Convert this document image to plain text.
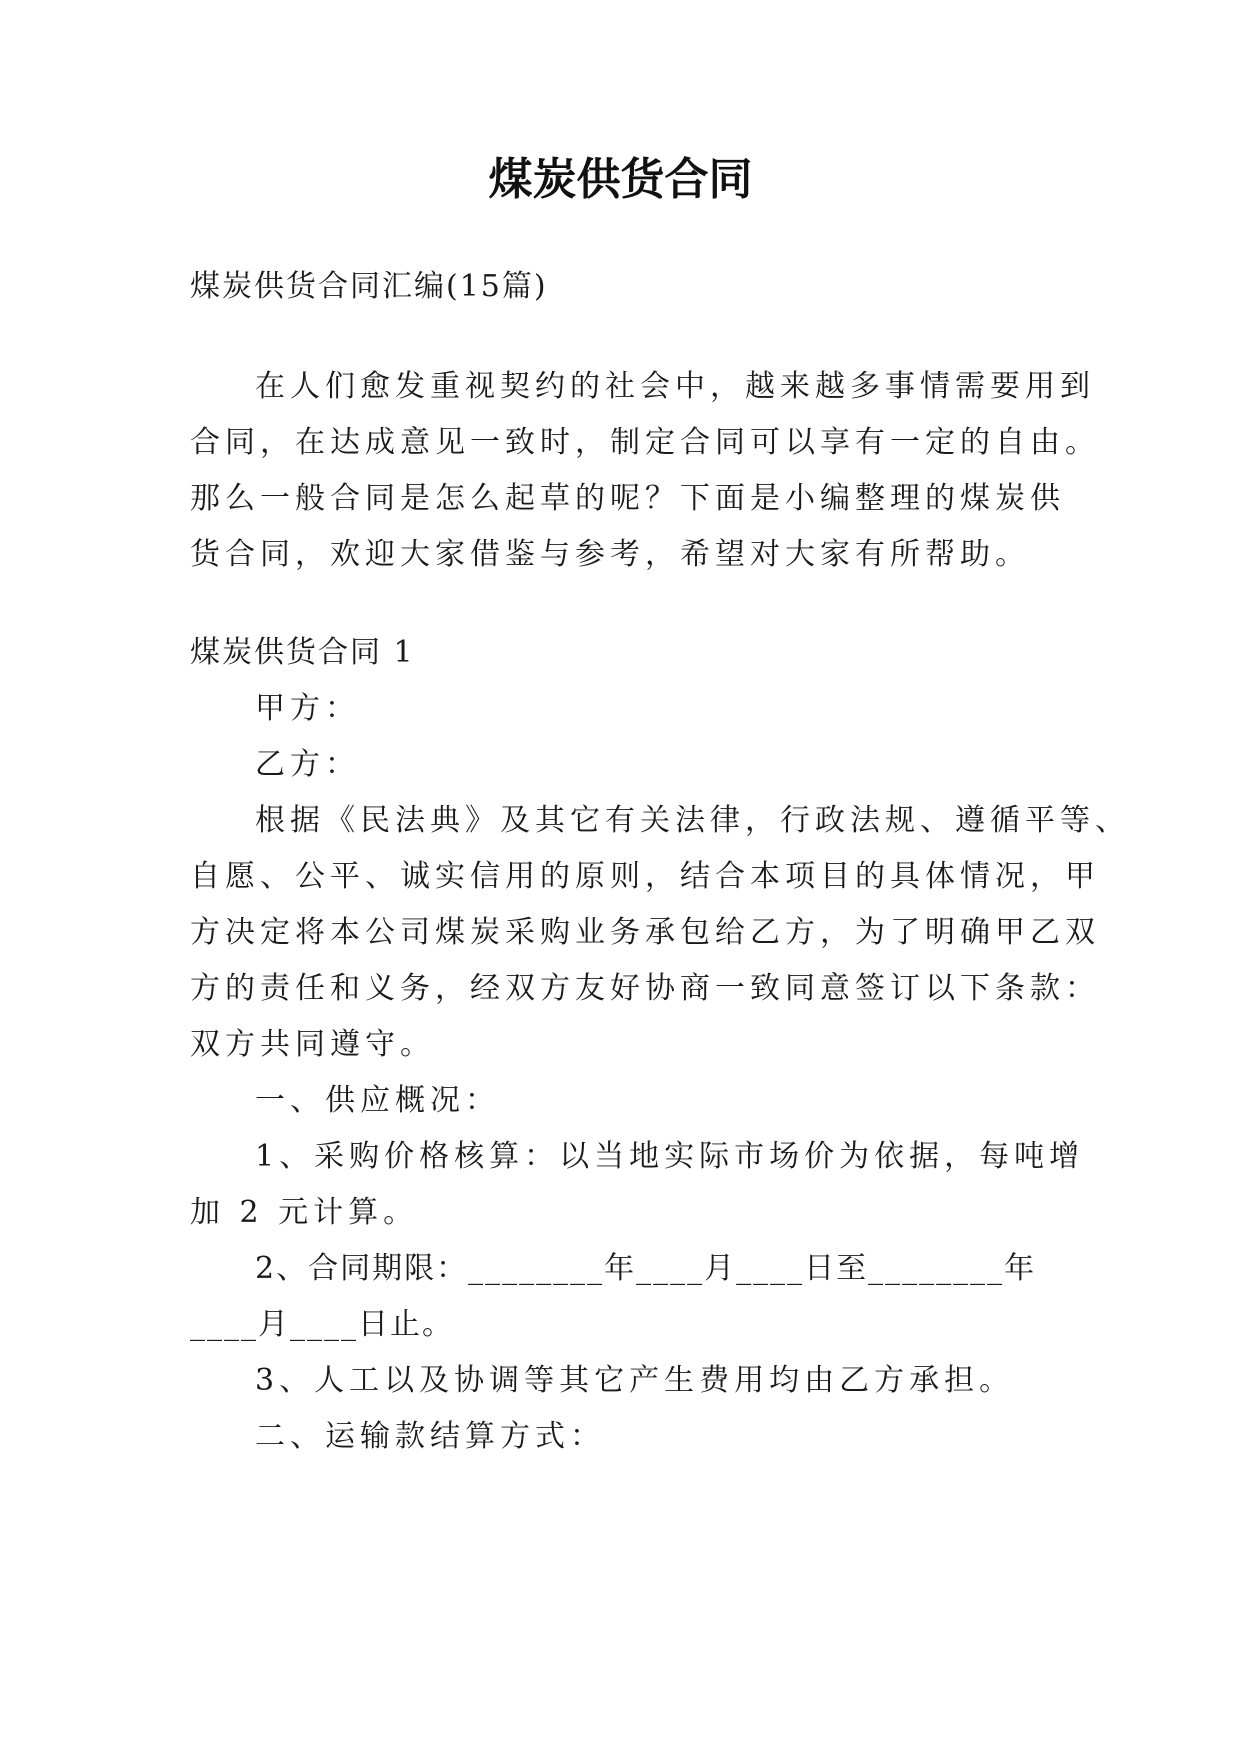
煤炭供货合同
煤炭供货合同汇编(15篇)
在人们愈发重视契约的社会中，越来越多事情需要用到
合同，在达成意见一致时，制定合同可以享有一定的自由。
那么一般合同是怎么起草的呢？下面是小编整理的煤炭供
货合同，欢迎大家借鉴与参考，希望对大家有所帮助。
煤炭供货合同 1
甲方：
乙方：
根据《民法典》及其它有关法律，行政法规、遵循平等、
自愿、公平、诚实信用的原则，结合本项目的具体情况，甲
方决定将本公司煤炭采购业务承包给乙方，为了明确甲乙双
方的责任和义务，经双方友好协商一致同意签订以下条款：
双方共同遵守。
一、供应概况：
1、采购价格核算：以当地实际市场价为依据，每吨增
加 2 元计算。
2、合同期限：________年____月____日至________年
____月____日止。
3、人工以及协调等其它产生费用均由乙方承担。
二、运输款结算方式：
